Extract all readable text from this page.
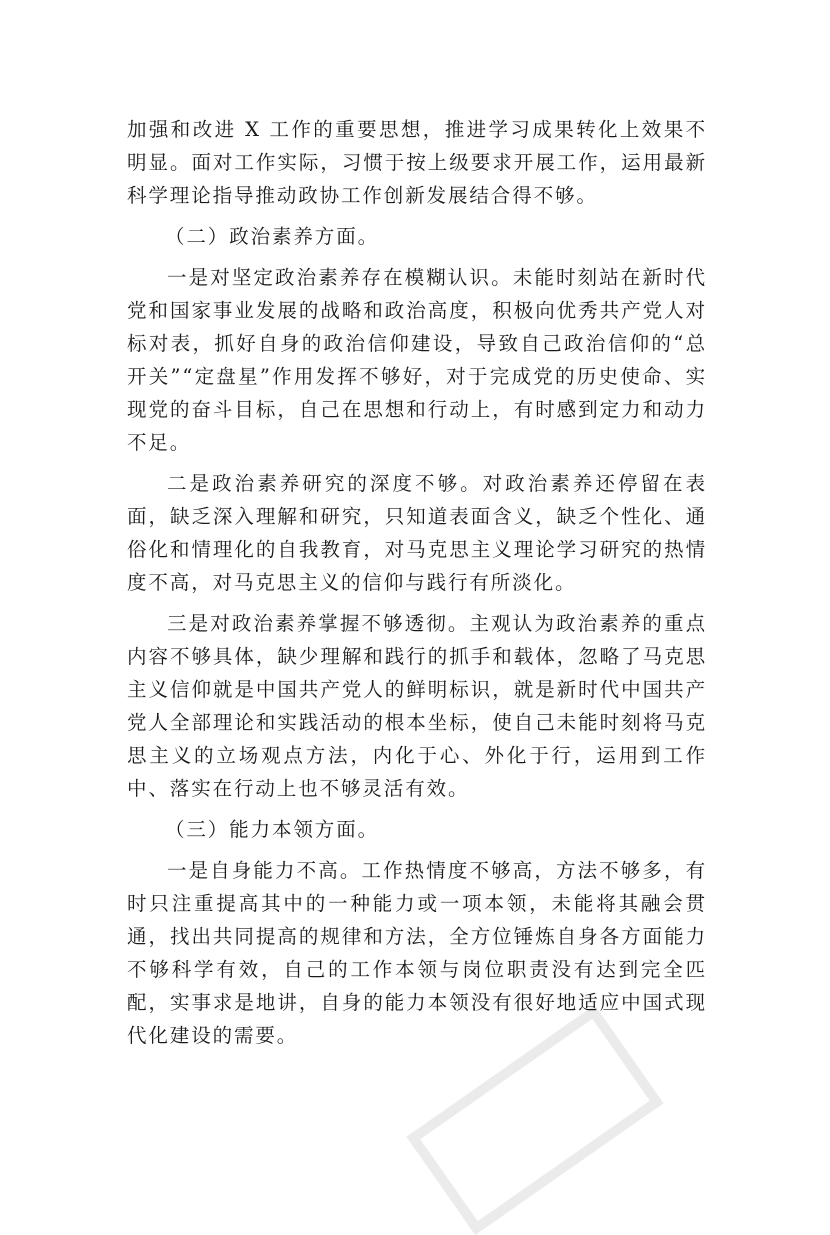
加强和改进 X 工作的重要思想，推进学习成果转化上效果不明显。面对工作实际，习惯于按上级要求开展工作，运用最新科学理论指导推动政协工作创新发展结合得不够。

（二）政治素养方面。

一是对坚定政治素养存在模糊认识。未能时刻站在新时代党和国家事业发展的战略和政治高度，积极向优秀共产党人对标对表，抓好自身的政治信仰建设，导致自己政治信仰的“总开关”“定盘星”作用发挥不够好，对于完成党的历史使命、实现党的奋斗目标，自己在思想和行动上，有时感到定力和动力不足。

二是政治素养研究的深度不够。对政治素养还停留在表面，缺乏深入理解和研究，只知道表面含义，缺乏个性化、通俗化和情理化的自我教育，对马克思主义理论学习研究的热情度不高，对马克思主义的信仰与践行有所淡化。

三是对政治素养掌握不够透彻。主观认为政治素养的重点内容不够具体，缺少理解和践行的抓手和载体，忽略了马克思主义信仰就是中国共产党人的鲜明标识，就是新时代中国共产党人全部理论和实践活动的根本坐标，使自己未能时刻将马克思主义的立场观点方法，内化于心、外化于行，运用到工作中、落实在行动上也不够灵活有效。

（三）能力本领方面。

一是自身能力不高。工作热情度不够高，方法不够多，有时只注重提高其中的一种能力或一项本领，未能将其融会贯通，找出共同提高的规律和方法，全方位锤炼自身各方面能力不够科学有效，自己的工作本领与岗位职责没有达到完全匹配，实事求是地讲，自身的能力本领没有很好地适应中国式现代化建设的需要。
